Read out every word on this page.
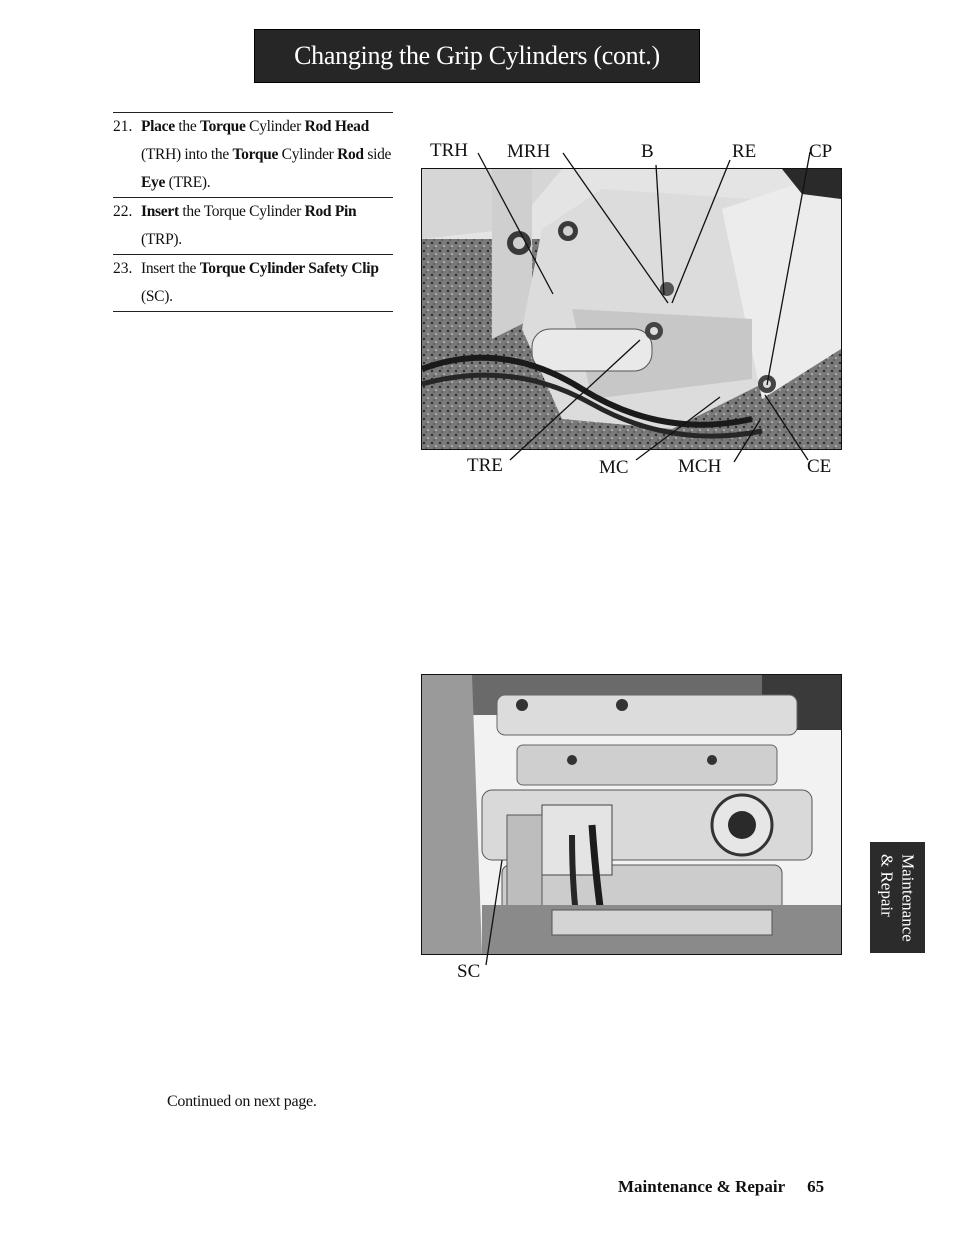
Changing the Grip Cylinders (cont.)
21. Place the Torque Cylinder Rod Head (TRH) into the Torque Cylinder Rod side Eye (TRE).
22. Insert the Torque Cylinder Rod Pin (TRP).
23. Insert the Torque Cylinder Safety Clip (SC).
TRH MRH	B	RE	CP
TRE	MC	MCH	CE
SC
Continued on next page.
Maintenance
& Repair
Maintenance & Repair 65
